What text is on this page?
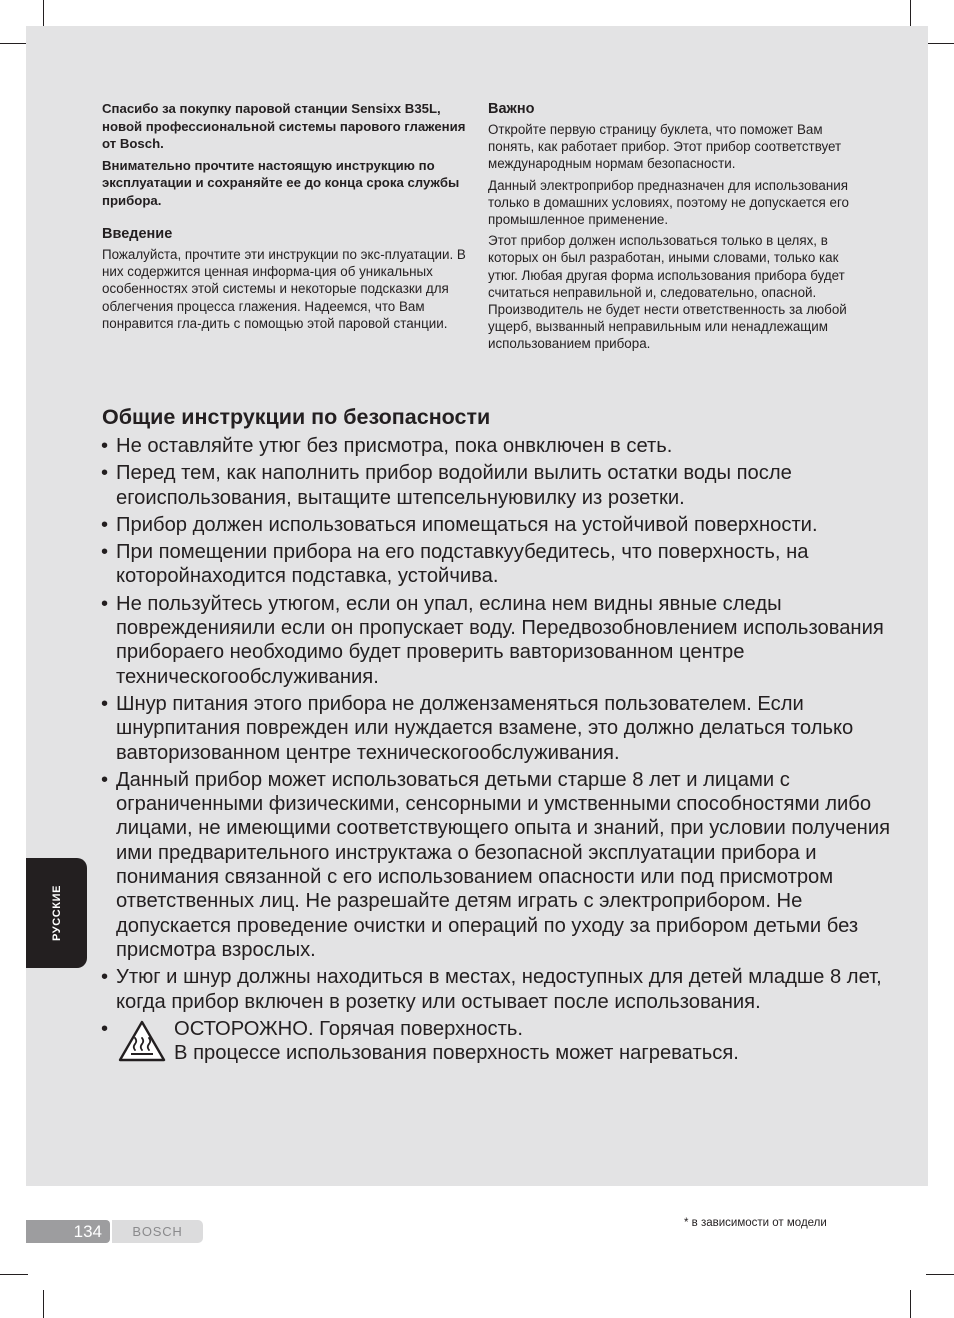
РУССКИЕ

Спасибо за покупку паровой станции Sensixx B35L, новой профессиональной системы парового глажения от Bosch.

Внимательно прочтите настоящую инструкцию по эксплуатации и сохраняйте ее до конца срока службы прибора.

Введение

Пожалуйста, прочтите эти инструкции по экс-плуатации. В них содержится ценная информа-ция об уникальных особенностях этой системы и некоторые подсказки для облегчения процесса глажения. Надеемся, что Вам понравится гла-дить с помощью этой паровой станции.

Важно

Откройте первую страницу буклета, что поможет Вам понять, как работает прибор. Этот прибор соответствует международным нормам безопасности.

Данный электроприбор предназначен для использования только в домашних условиях, поэтому не допускается его промышленное применение.

Этот прибор должен использоваться только в целях, в которых он был разработан, иными словами, только как утюг. Любая другая форма использования прибора будет считаться неправильной и, следовательно, опасной. Производитель не будет нести ответственность за любой ущерб, вызванный неправильным или ненадлежащим использованием прибора.

Общие инструкции по безопасности
• Не оставляйте утюг без присмотра, пока онвключен в сеть.
• Перед тем, как наполнить прибор водойили вылить остатки воды после егоиспользования, вытащите штепсельнуювилку из розетки.
• Прибор должен использоваться ипомещаться на устойчивой поверхности.
• При помещении прибора на его подставкуубедитесь, что поверхность, на которойнаходится подставка, устойчива.
• Не пользуйтесь утюгом, если он упал, еслина нем видны явные следы поврежденияили если он пропускает воду. Передвозобновлением использования прибораего необходимо будет проверить вавторизованном центре техническогообслуживания.
• Шнур питания этого прибора не должензаменяться пользователем. Если шнурпитания поврежден или нуждается взамене, это должно делаться только вавторизованном центре техническогообслуживания.
• Данный прибор может использоваться детьми старше 8 лет и лицами с ограниченными физическими, сенсорными и умственными способностями либо лицами, не имеющими соответствующего опыта и знаний, при условии получения ими предварительного инструктажа о безопасной эксплуатации прибора и понимания связанной с его использованием опасности или под присмотром ответственных лиц. Не разрешайте детям играть с электроприбором. Не допускается проведение очистки и операций по уходу за прибором детьми без присмотра взрослых.
• Утюг и шнур должны находиться в местах, недоступных для детей младше 8 лет, когда прибор включен в розетку или остывает после использования.
•	ОСТОРОЖНО. Горячая поверхность.
В процессе использования поверхность может нагреваться.
134	BOSCH
* в зависимости от модели
